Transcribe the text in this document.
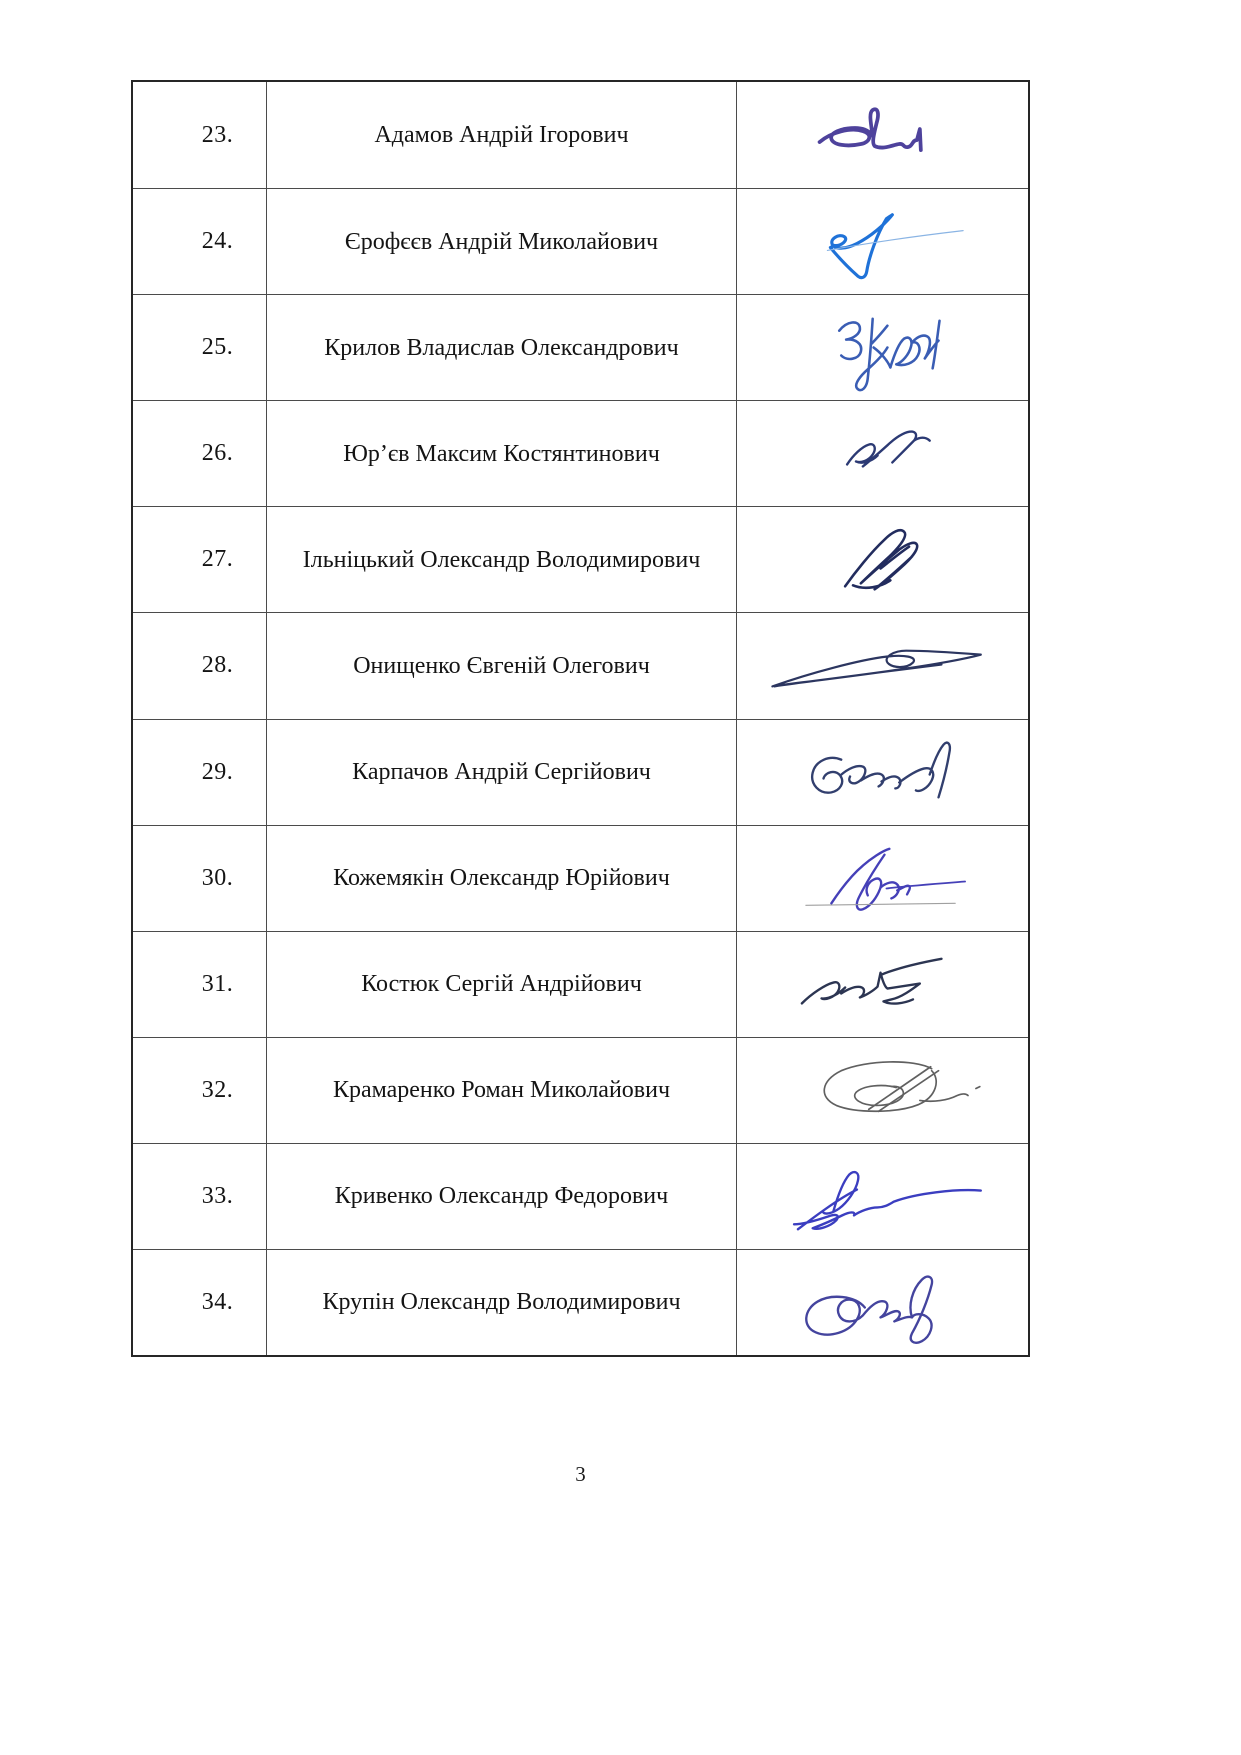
23.	Адамов Андрій Ігорович
24.	Єрофєєв Андрій Миколайович
25.	Крилов Владислав Олександрович
26.	Юр’єв Максим Костянтинович
27.	Ільніцький Олександр Володимирович
28.	Онищенко Євгеній Олегович
29.	Карпачов Андрій Сергійович
30.	Кожемякін Олександр Юрійович
31.	Костюк Сергій Андрійович
32.	Крамаренко Роман Миколайович
33.	Кривенко Олександр Федорович
34.	Крупін Олександр Володимирович
3
